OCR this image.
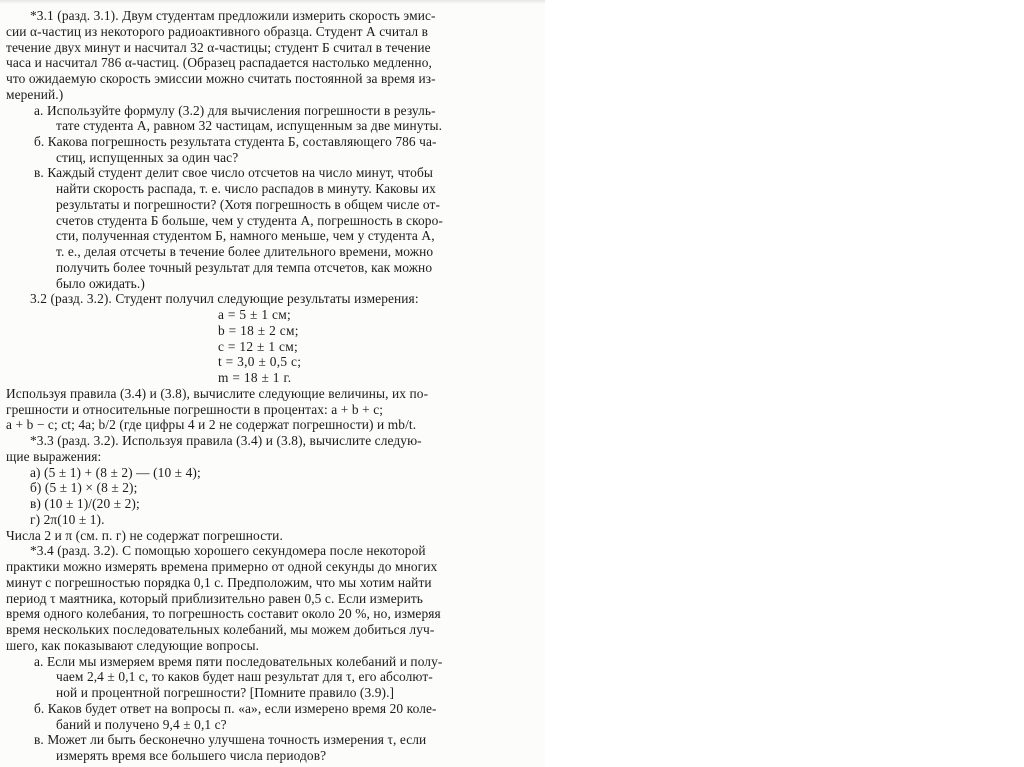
*3.1 (разд. 3.1). Двум студентам предложили измерить скорость эмис-
сии α-частиц из некоторого радиоактивного образца. Студент А считал в
течение двух минут и насчитал 32 α-частицы; студент Б считал в течение
часа и насчитал 786 α-частиц. (Образец распадается настолько медленно,
что ожидаемую скорость эмиссии можно считать постоянной за время из-
мерений.)
а. Используйте формулу (3.2) для вычисления погрешности в резуль-
тате студента А, равном 32 частицам, испущенным за две минуты.
б. Какова погрешность результата студента Б, составляющего 786 ча-
стиц, испущенных за один час?
в. Каждый студент делит свое число отсчетов на число минут, чтобы
найти скорость распада, т. е. число распадов в минуту. Каковы их
результаты и погрешности? (Хотя погрешность в общем числе от-
счетов студента Б больше, чем у студента А, погрешность в скоро-
сти, полученная студентом Б, намного меньше, чем у студента А,
т. е., делая отсчеты в течение более длительного времени, можно
получить более точный результат для темпа отсчетов, как можно
было ожидать.)
3.2 (разд. 3.2). Студент получил следующие результаты измерения:
a = 5 ± 1 см;
b = 18 ± 2 см;
c = 12 ± 1 см;
t = 3,0 ± 0,5 с;
m = 18 ± 1 г.
Используя правила (3.4) и (3.8), вычислите следующие величины, их по-
грешности и относительные погрешности в процентах: a + b + c;
a + b − c; ct; 4a; b/2 (где цифры 4 и 2 не содержат погрешности) и mb/t.
*3.3 (разд. 3.2). Используя правила (3.4) и (3.8), вычислите следую-
щие выражения:
а) (5 ± 1) + (8 ± 2) — (10 ± 4);
б) (5 ± 1) × (8 ± 2);
в) (10 ± 1)/(20 ± 2);
г) 2π(10 ± 1).
Числа 2 и π (см. п. г) не содержат погрешности.
*3.4 (разд. 3.2). С помощью хорошего секундомера после некоторой
практики можно измерять времена примерно от одной секунды до многих
минут с погрешностью порядка 0,1 с. Предположим, что мы хотим найти
период τ маятника, который приблизительно равен 0,5 с. Если измерить
время одного колебания, то погрешность составит около 20 %, но, измеряя
время нескольких последовательных колебаний, мы можем добиться луч-
шего, как показывают следующие вопросы.
а. Если мы измеряем время пяти последовательных колебаний и полу-
чаем 2,4 ± 0,1 с, то каков будет наш результат для τ, его абсолют-
ной и процентной погрешности? [Помните правило (3.9).]
б. Каков будет ответ на вопросы п. «а», если измерено время 20 коле-
баний и получено 9,4 ± 0,1 с?
в. Может ли быть бесконечно улучшена точность измерения τ, если
измерять время все большего числа периодов?
